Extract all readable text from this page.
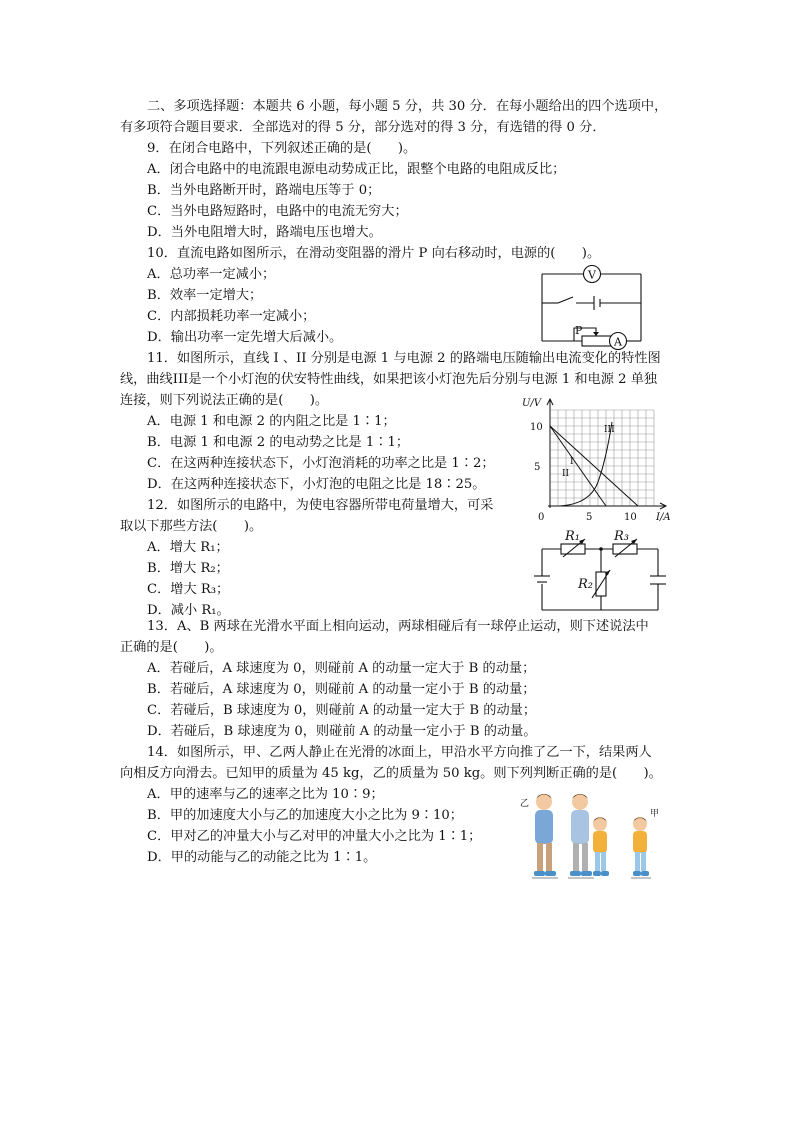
二、多项选择题：本题共 6 小题，每小题 5 分，共 30 分．在每小题给出的四个选项中，
有多项符合题目要求．全部选对的得 5 分，部分选对的得 3 分，有选错的得 0 分．
9．在闭合电路中，下列叙述正确的是(　　)。
A．闭合电路中的电流跟电源电动势成正比，跟整个电路的电阻成反比；
B．当外电路断开时，路端电压等于 0；
C．当外电路短路时，电路中的电流无穷大；
D．当外电阻增大时，路端电压也增大。
10．直流电路如图所示，在滑动变阻器的滑片 P 向右移动时，电源的(　　)。
A．总功率一定减小；
B．效率一定增大；
C．内部损耗功率一定减小；
D．输出功率一定先增大后减小。
V
A
P
11．如图所示，直线 I 、II 分别是电源 1 与电源 2 的路端电压随输出电流变化的特性图
线，曲线III是一个小灯泡的伏安特性曲线，如果把该小灯泡先后分别与电源 1 和电源 2 单独
连接，则下列说法正确的是(　　)。
A．电源 1 和电源 2 的内阻之比是 1∶1；
B．电源 1 和电源 2 的电动势之比是 1∶1；
C．在这两种连接状态下，小灯泡消耗的功率之比是 1∶2；
D．在这两种连接状态下，小灯泡的电阻之比是 18∶25。
U/V
I/A
10
5
0	5	10
I
II
III
12．如图所示的电路中，为使电容器所带电荷量增大，可采
取以下那些方法(　　)。
A．增大 R₁；
B．增大 R₂；
C．增大 R₃；
D．减小 R₁。
R₁	R₃
R₂
13．A、B 两球在光滑水平面上相向运动，两球相碰后有一球停止运动，则下述说法中
正确的是(　　)。
A．若碰后，A 球速度为 0，则碰前 A 的动量一定大于 B 的动量；
B．若碰后，A 球速度为 0，则碰前 A 的动量一定小于 B 的动量；
C．若碰后，B 球速度为 0，则碰前 A 的动量一定大于 B 的动量；
D．若碰后，B 球速度为 0，则碰前 A 的动量一定小于 B 的动量。
14．如图所示，甲、乙两人静止在光滑的冰面上，甲沿水平方向推了乙一下，结果两人
向相反方向滑去。已知甲的质量为 45 kg，乙的质量为 50 kg。则下列判断正确的是(　　)。
A．甲的速率与乙的速率之比为 10∶9；
B．甲的加速度大小与乙的加速度大小之比为 9∶10；
C．甲对乙的冲量大小与乙对甲的冲量大小之比为 1∶1；
D．甲的动能与乙的动能之比为 1∶1。
乙
甲
